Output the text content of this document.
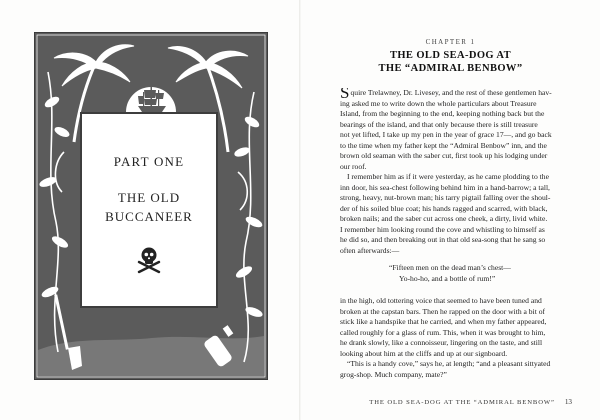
PART ONE
THE OLD
BUCCANEER
CHAPTER 1
THE OLD SEA-DOG AT
THE “ADMIRAL BENBOW”
Squire Trelawney, Dr. Livesey, and the rest of these gentlemen hav-
ing asked me to write down the whole particulars about Treasure
Island, from the beginning to the end, keeping nothing back but the
bearings of the island, and that only because there is still treasure
not yet lifted, I take up my pen in the year of grace 17—, and go back
to the time when my father kept the “Admiral Benbow” inn, and the
brown old seaman with the saber cut, first took up his lodging under
our roof.
I remember him as if it were yesterday, as he came plodding to the
inn door, his sea-chest following behind him in a hand-barrow; a tall,
strong, heavy, nut-brown man; his tarry pigtail falling over the shoul-
der of his soiled blue coat; his hands ragged and scarred, with black,
broken nails; and the saber cut across one cheek, a dirty, livid white.
I remember him looking round the cove and whistling to himself as
he did so, and then breaking out in that old sea-song that he sang so
often afterwards:—
“Fifteen men on the dead man’s chest—
Yo-ho-ho, and a bottle of rum!”
in the high, old tottering voice that seemed to have been tuned and
broken at the capstan bars. Then he rapped on the door with a bit of
stick like a handspike that he carried, and when my father appeared,
called roughly for a glass of rum. This, when it was brought to him,
he drank slowly, like a connoisseur, lingering on the taste, and still
looking about him at the cliffs and up at our signboard.
“This is a handy cove,” says he, at length; “and a pleasant sittyated
grog-shop. Much company, mate?”
THE OLD SEA-DOG AT THE “ADMIRAL BENBOW” 13
